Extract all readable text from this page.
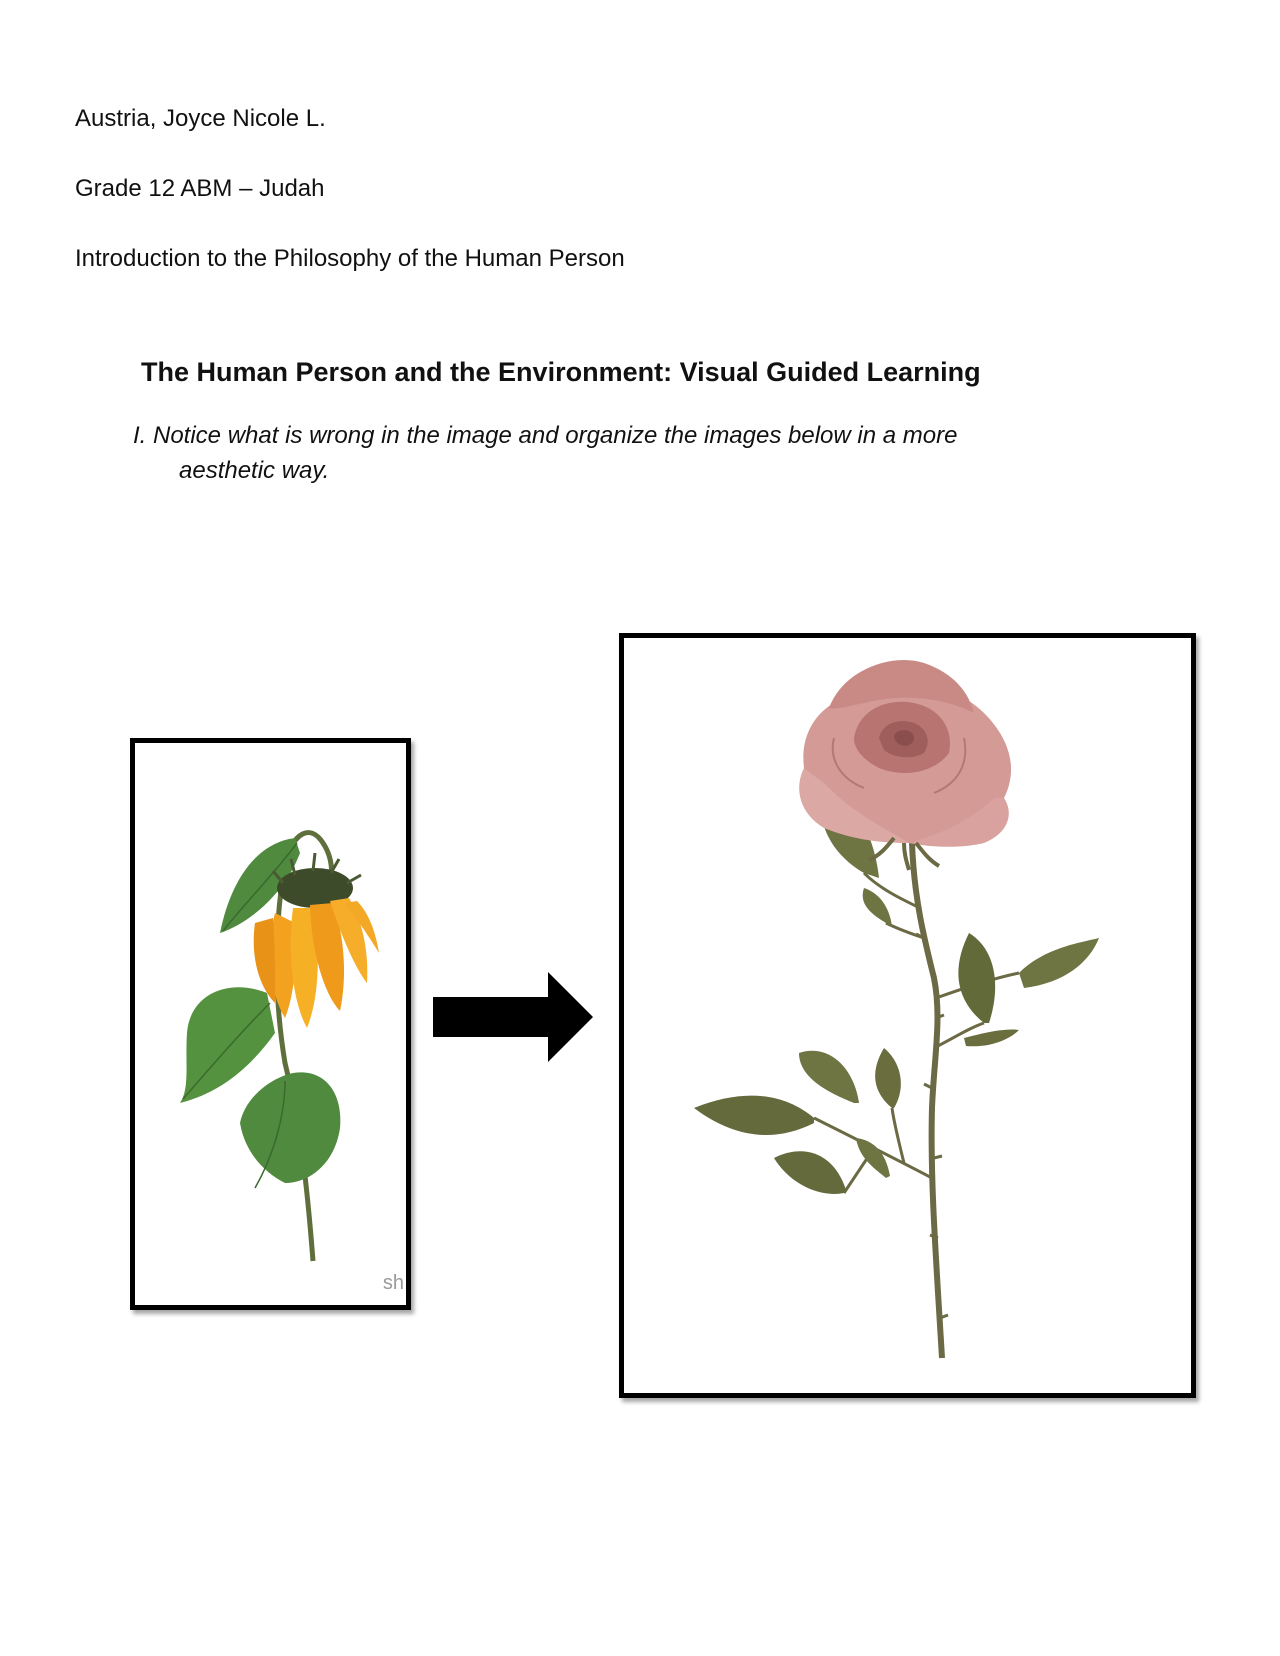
Austria, Joyce Nicole L.
Grade 12 ABM – Judah
Introduction to the Philosophy of the Human Person
The Human Person and the Environment: Visual Guided Learning
I. Notice what is wrong in the image and organize the images below in a more
aesthetic way.
sh
